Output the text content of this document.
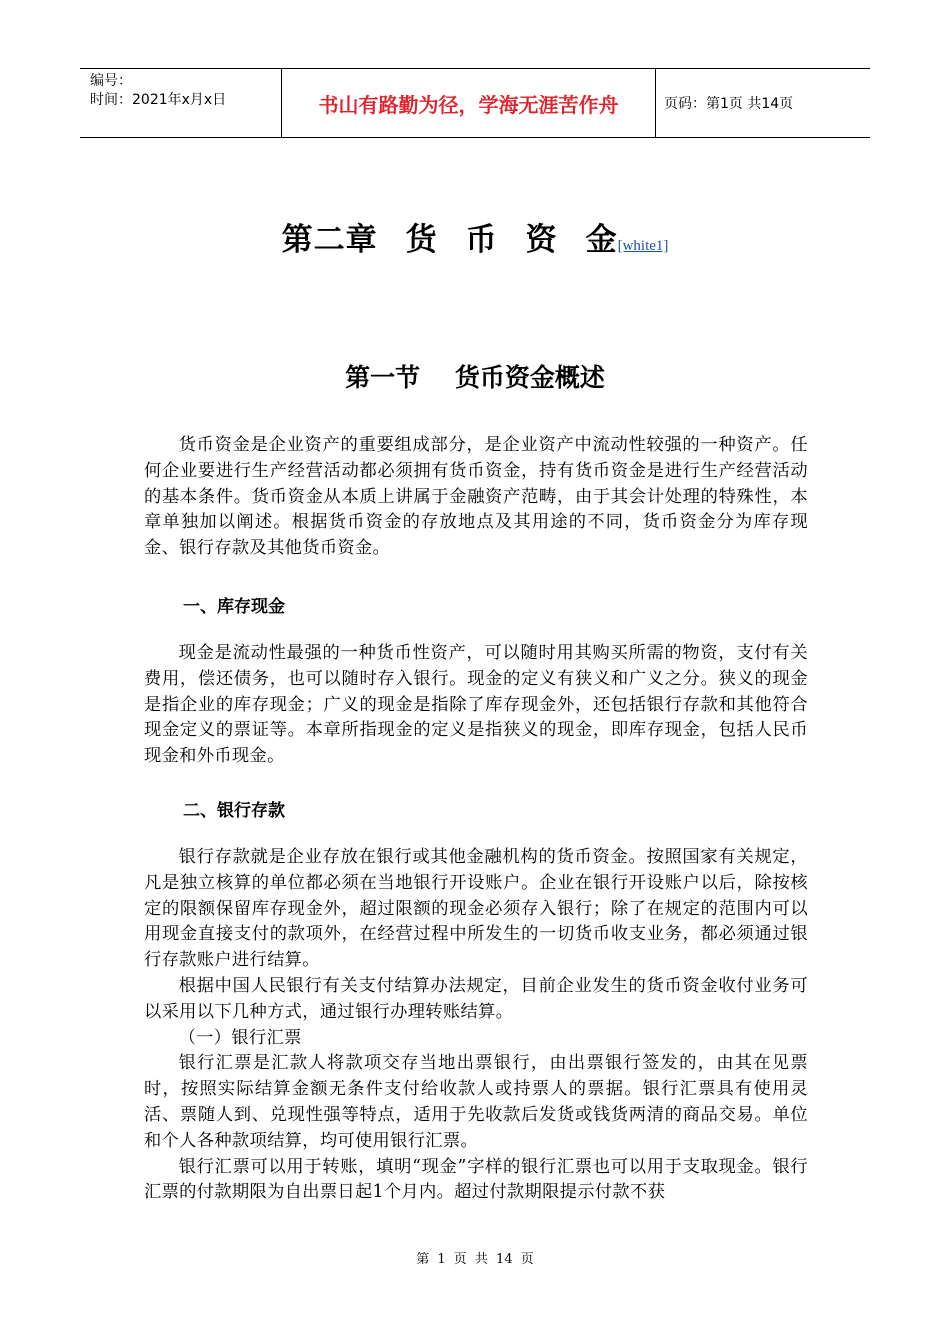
编号：
时间：2021年x月x日	书山有路勤为径，学海无涯苦作舟	页码：第1页 共14页
第二章 货 币 资 金[white1]
第一节    货币资金概述

货币资金是企业资产的重要组成部分，是企业资产中流动性较强的一种资产。任何企业要进行生产经营活动都必须拥有货币资金，持有货币资金是进行生产经营活动的基本条件。货币资金从本质上讲属于金融资产范畴，由于其会计处理的特殊性，本章单独加以阐述。根据货币资金的存放地点及其用途的不同，货币资金分为库存现金、银行存款及其他货币资金。

一、库存现金

现金是流动性最强的一种货币性资产，可以随时用其购买所需的物资，支付有关费用，偿还债务，也可以随时存入银行。现金的定义有狭义和广义之分。狭义的现金是指企业的库存现金；广义的现金是指除了库存现金外，还包括银行存款和其他符合现金定义的票证等。本章所指现金的定义是指狭义的现金，即库存现金，包括人民币现金和外币现金。

二、银行存款

银行存款就是企业存放在银行或其他金融机构的货币资金。按照国家有关规定，凡是独立核算的单位都必须在当地银行开设账户。企业在银行开设账户以后，除按核定的限额保留库存现金外，超过限额的现金必须存入银行；除了在规定的范围内可以用现金直接支付的款项外，在经营过程中所发生的一切货币收支业务，都必须通过银行存款账户进行结算。

根据中国人民银行有关支付结算办法规定，目前企业发生的货币资金收付业务可以采用以下几种方式，通过银行办理转账结算。

（一）银行汇票

银行汇票是汇款人将款项交存当地出票银行，由出票银行签发的，由其在见票时，按照实际结算金额无条件支付给收款人或持票人的票据。银行汇票具有使用灵活、票随人到、兑现性强等特点，适用于先收款后发货或钱货两清的商品交易。单位和个人各种款项结算，均可使用银行汇票。

银行汇票可以用于转账，填明“现金”字样的银行汇票也可以用于支取现金。银行汇票的付款期限为自出票日起1个月内。超过付款期限提示付款不获

第 1 页 共 14 页
